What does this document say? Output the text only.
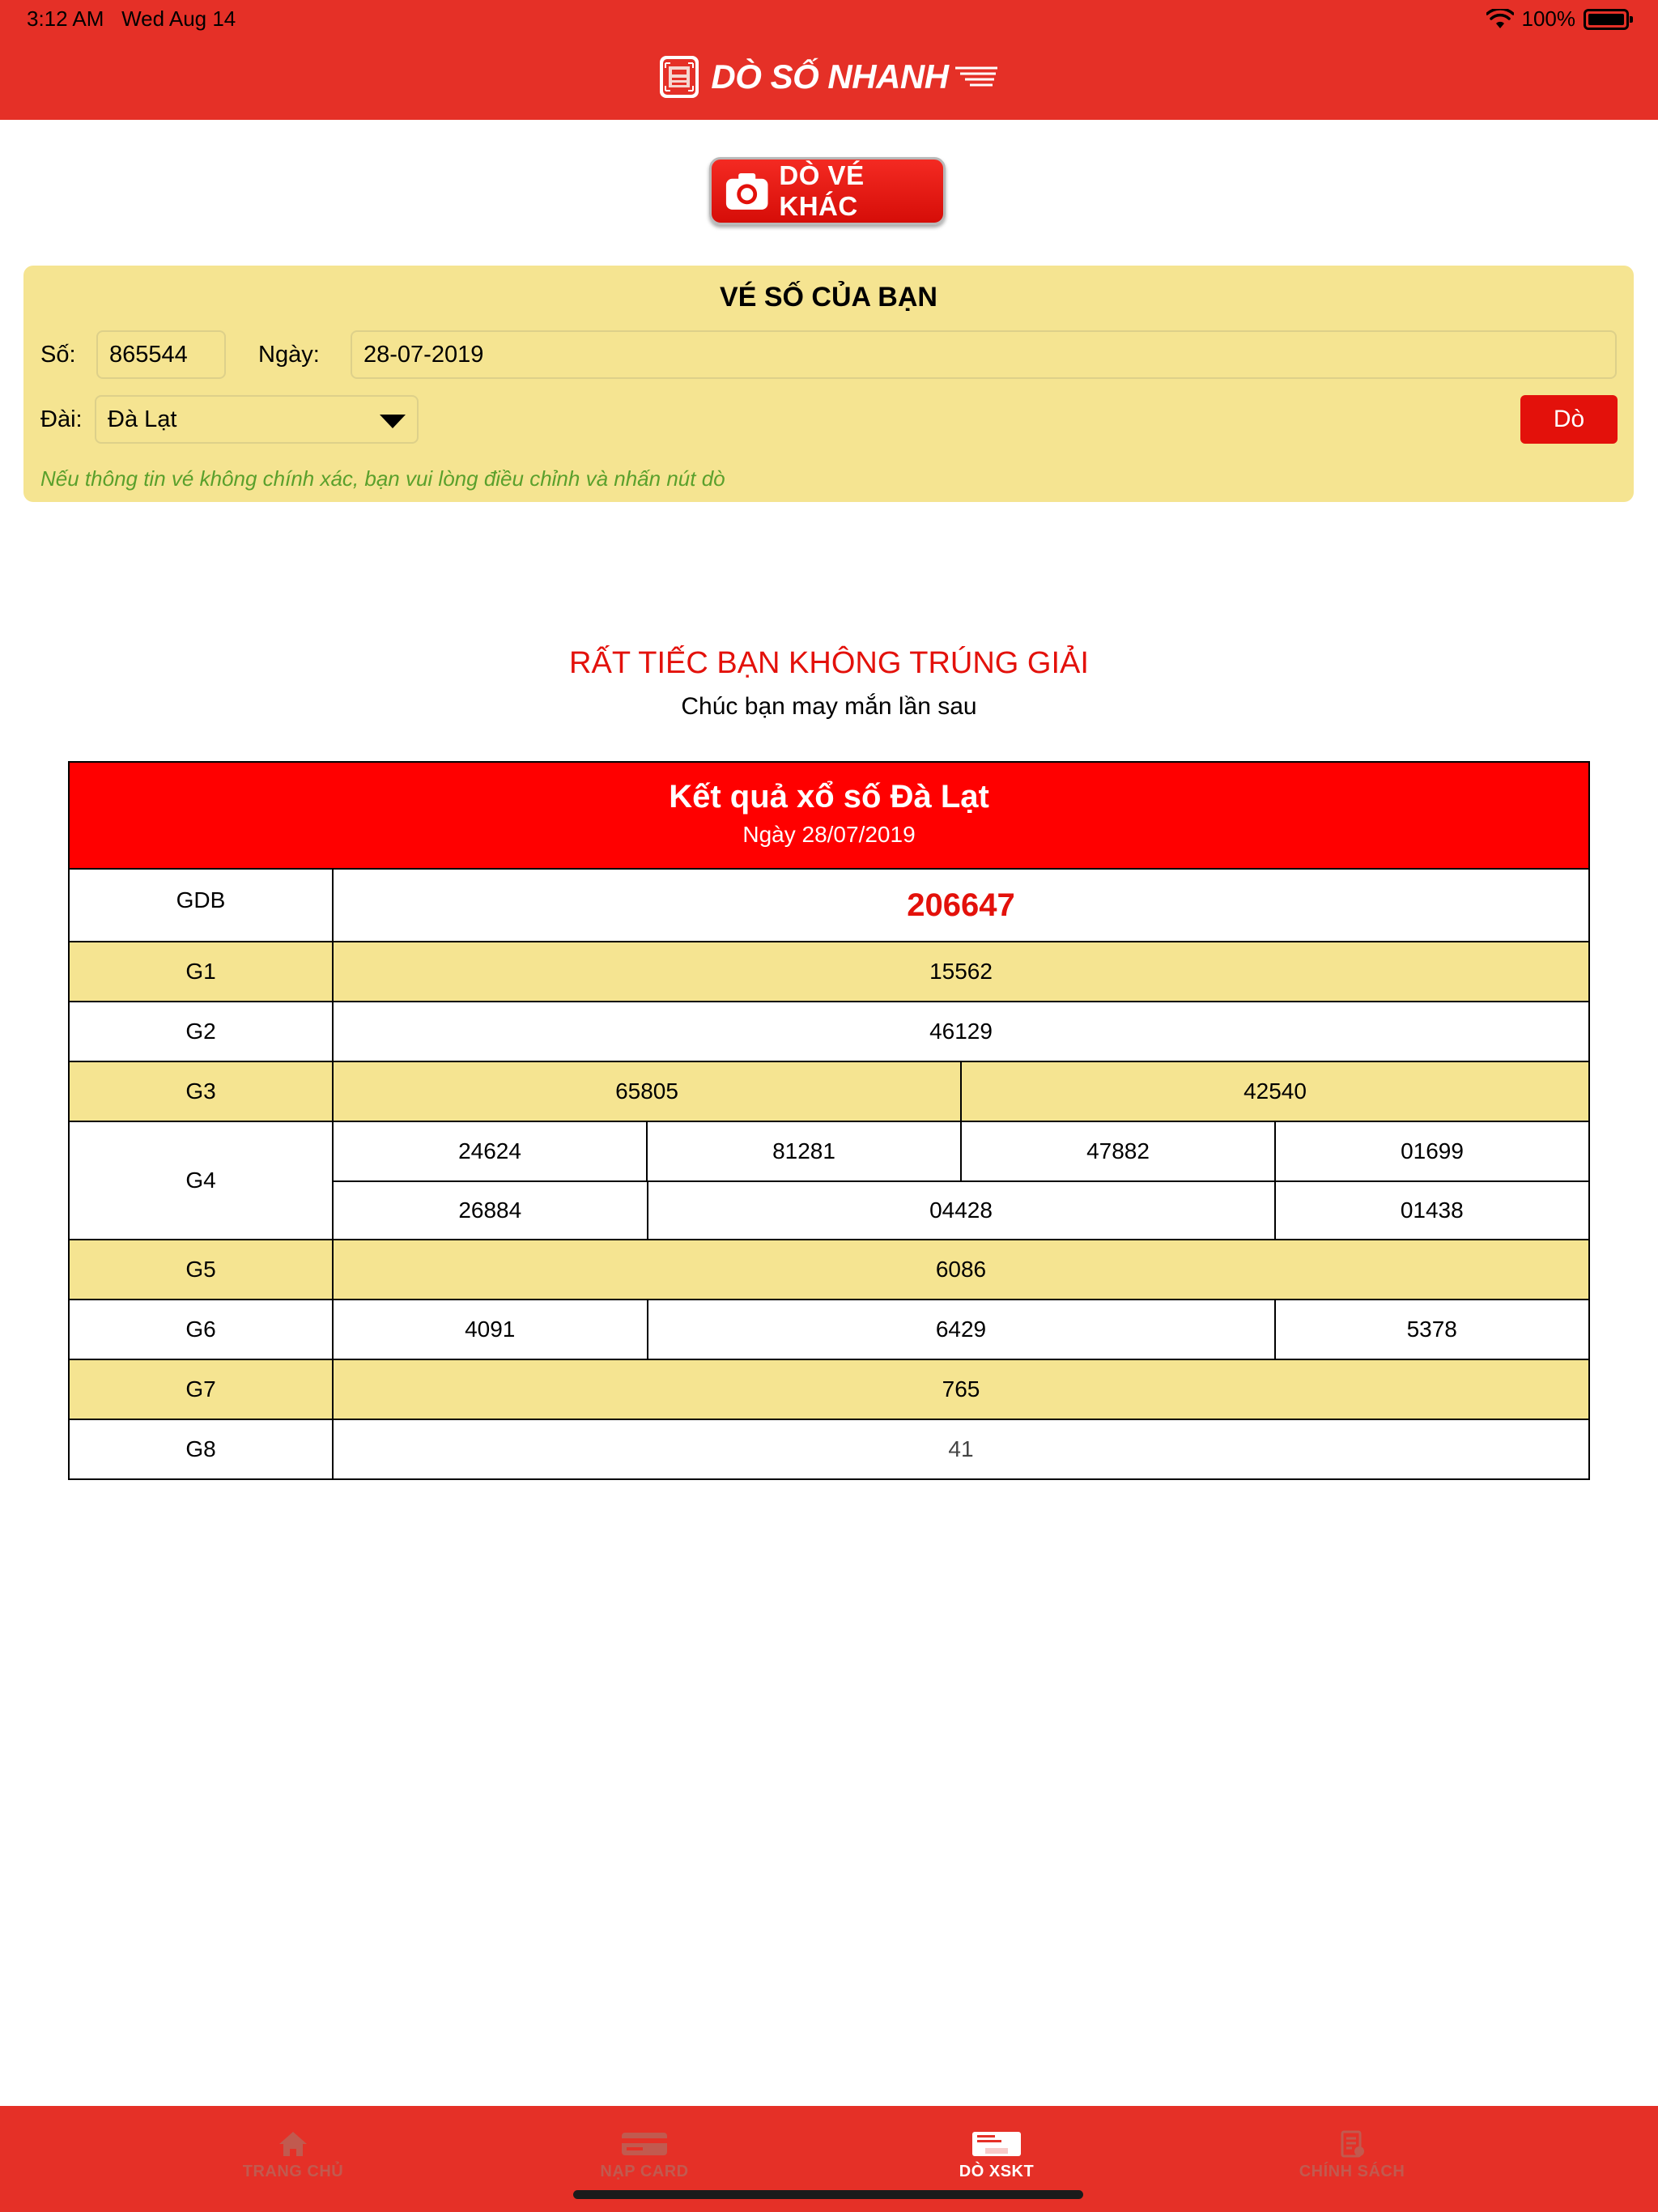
3:12 AM Wed Aug 14	100%
DÒ SỐ NHANH
DÒ VÉ KHÁC
VÉ SỐ CỦA BẠN
Số:	865544	Ngày:	28-07-2019
Đài: Đà Lạt	Dò
Nếu thông tin vé không chính xác, bạn vui lòng điều chỉnh và nhấn nút dò
RẤT TIẾC BẠN KHÔNG TRÚNG GIẢI
Chúc bạn may mắn lần sau
Kết quả xổ số Đà Lạt
Ngày 28/07/2019
GDB	206647
G1	15562
G2	46129
G3	65805	42540
G4
24624	81281	47882	01699
26884	04428	01438
G5	6086
G6	4091	6429	5378
G7	765
G8	41
TRANG CHỦ	NẠP CARD	DÒ XSKT	CHÍNH SÁCH
